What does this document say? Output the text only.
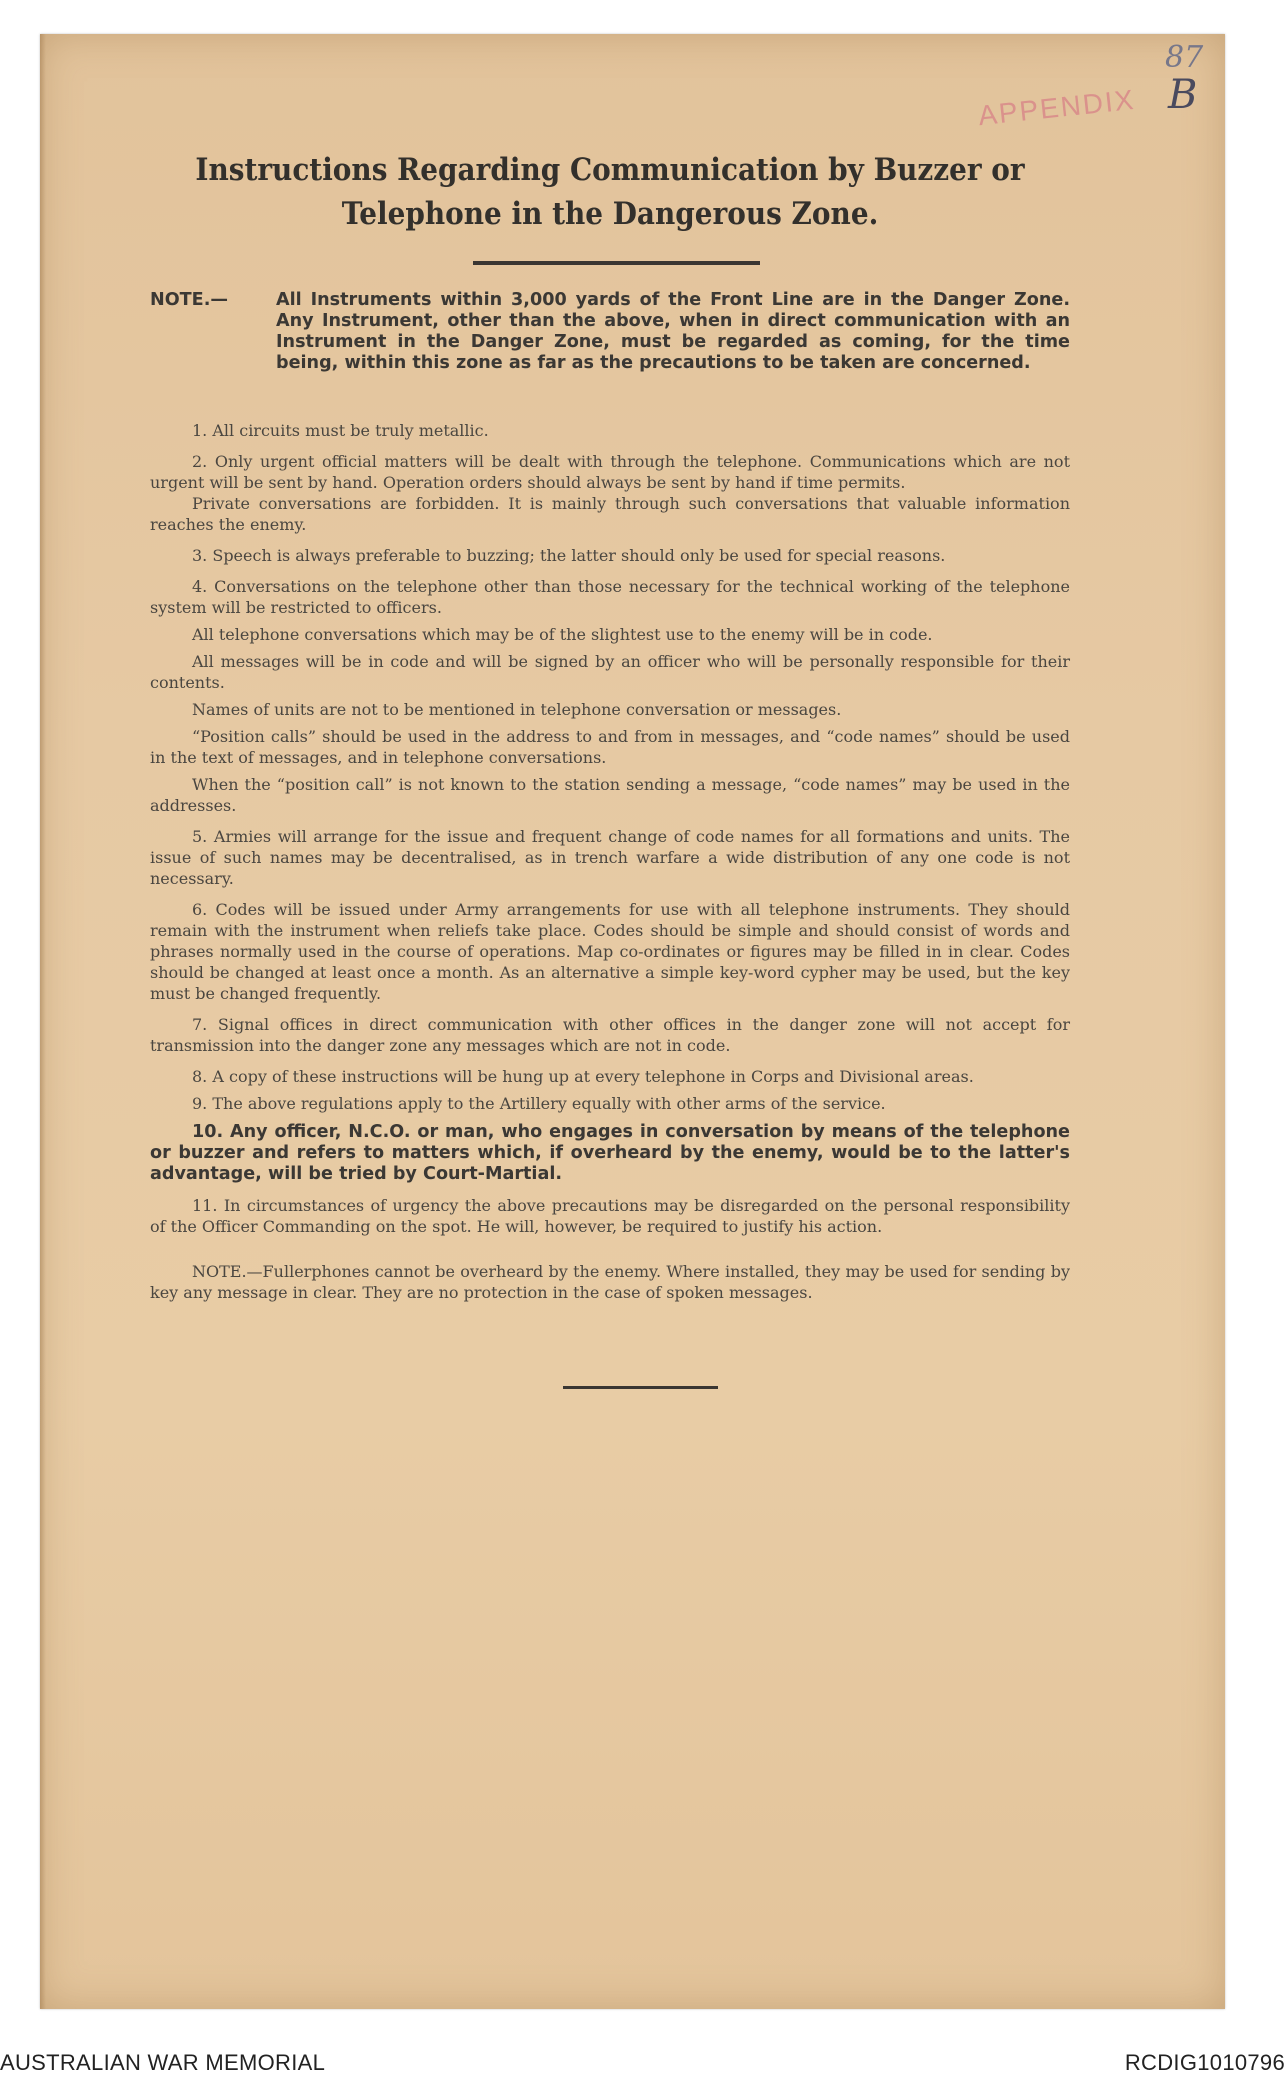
87
APPENDIX B
Instructions Regarding Communication by Buzzer or
Telephone in the Dangerous Zone.
NOTE.—	All Instruments within 3,000 yards of the Front Line are in the Danger Zone. Any Instrument, other than the above, when in direct communication with an Instrument in the Danger Zone, must be regarded as coming, for the time being, within this zone as far as the precautions to be taken are concerned.

1. All circuits must be truly metallic.

2. Only urgent official matters will be dealt with through the telephone. Communications which are not urgent will be sent by hand. Operation orders should always be sent by hand if time permits.

Private conversations are forbidden. It is mainly through such conversations that valuable information reaches the enemy.

3. Speech is always preferable to buzzing; the latter should only be used for special reasons.

4. Conversations on the telephone other than those necessary for the technical working of the telephone system will be restricted to officers.

All telephone conversations which may be of the slightest use to the enemy will be in code.

All messages will be in code and will be signed by an officer who will be personally responsible for their contents.

Names of units are not to be mentioned in telephone conversation or messages.

“Position calls” should be used in the address to and from in messages, and “code names” should be used in the text of messages, and in telephone conversations.

When the “position call” is not known to the station sending a message, “code names” may be used in the addresses.

5. Armies will arrange for the issue and frequent change of code names for all formations and units. The issue of such names may be decentralised, as in trench warfare a wide distribution of any one code is not necessary.

6. Codes will be issued under Army arrangements for use with all telephone instruments. They should remain with the instrument when reliefs take place. Codes should be simple and should consist of words and phrases normally used in the course of operations. Map co-ordinates or figures may be filled in in clear. Codes should be changed at least once a month. As an alternative a simple key-word cypher may be used, but the key must be changed frequently.

7. Signal offices in direct communication with other offices in the danger zone will not accept for transmission into the danger zone any messages which are not in code.

8. A copy of these instructions will be hung up at every telephone in Corps and Divisional areas.

9. The above regulations apply to the Artillery equally with other arms of the service.

10. Any officer, N.C.O. or man, who engages in conversation by means of the telephone or buzzer and refers to matters which, if overheard by the enemy, would be to the latter's advantage, will be tried by Court-Martial.

11. In circumstances of urgency the above precautions may be disregarded on the personal responsibility of the Officer Commanding on the spot. He will, however, be required to justify his action.

NOTE.—Fullerphones cannot be overheard by the enemy. Where installed, they may be used for sending by key any message in clear. They are no protection in the case of spoken messages.

AUSTRALIAN WAR MEMORIAL	RCDIG1010796
